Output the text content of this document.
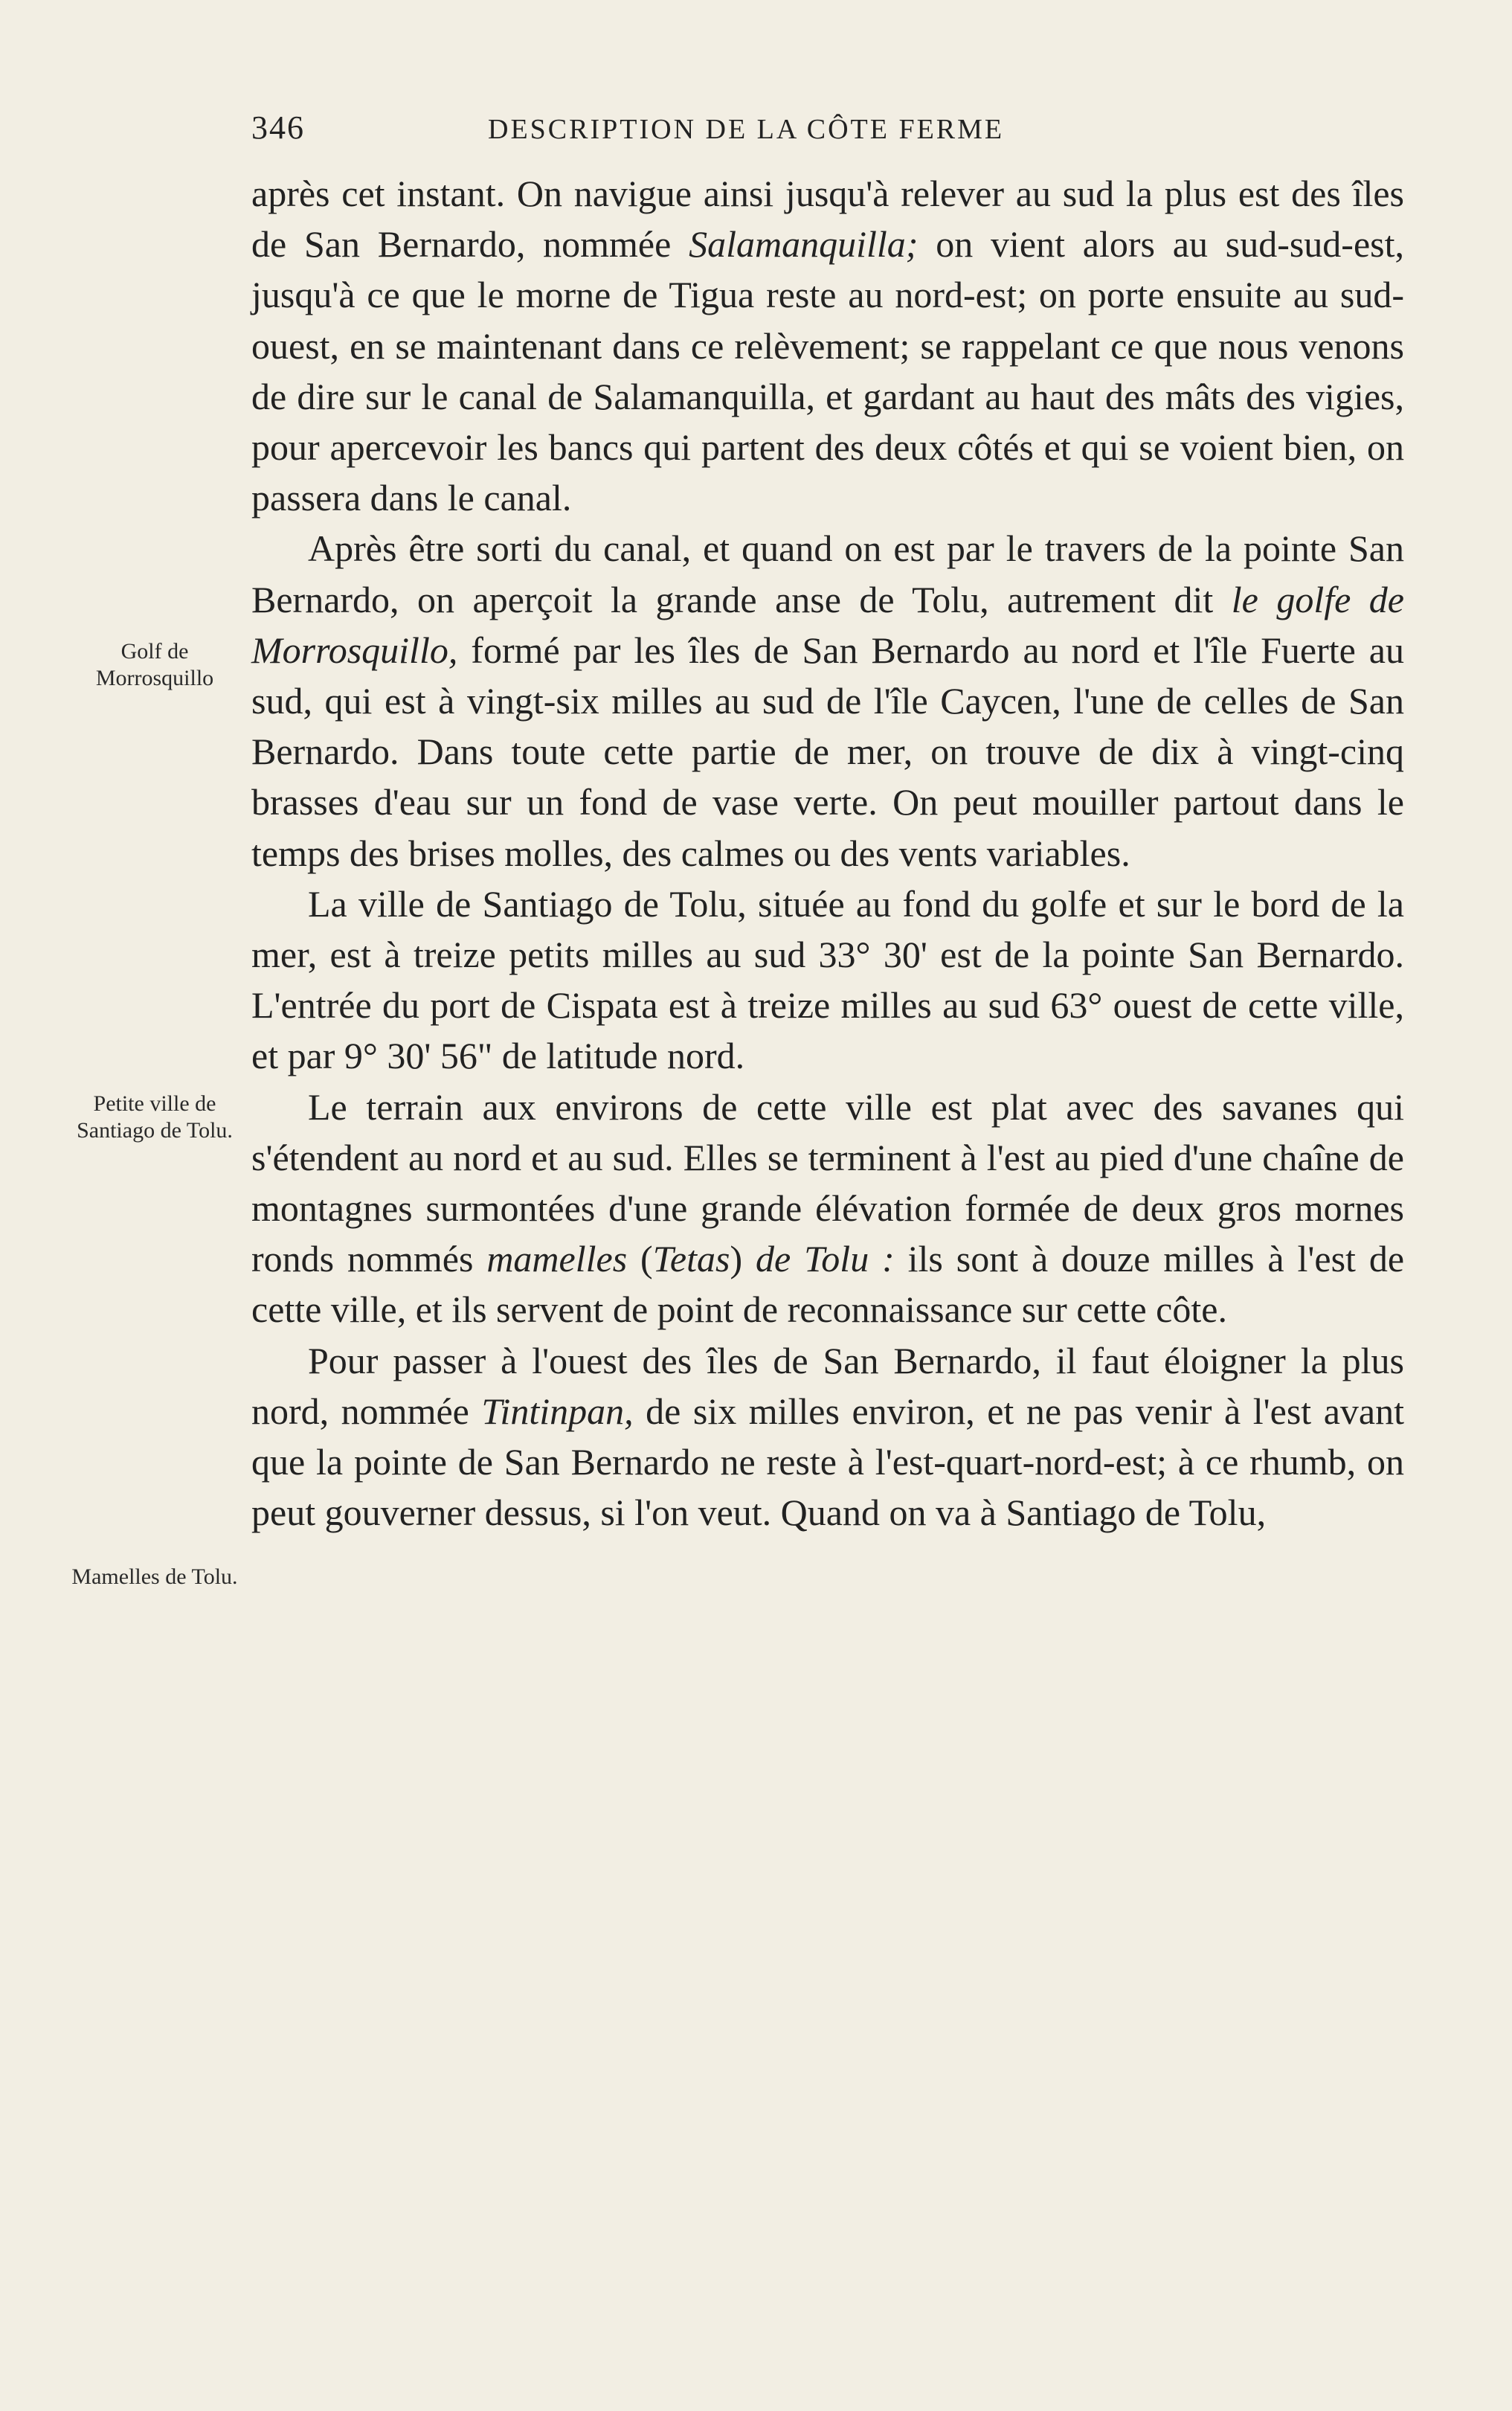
346	DESCRIPTION DE LA CÔTE FERME
Golf de Morrosquillo
Petite ville de Santiago de Tolu.
Mamelles de Tolu.

après cet instant. On navigue ainsi jusqu'à relever au sud la plus est des îles de San Bernardo, nommée Salamanquilla; on vient alors au sud-sud-est, jusqu'à ce que le morne de Tigua reste au nord-est; on porte ensuite au sud-ouest, en se maintenant dans ce relèvement; se rappelant ce que nous venons de dire sur le canal de Salamanquilla, et gardant au haut des mâts des vigies, pour apercevoir les bancs qui partent des deux côtés et qui se voient bien, on passera dans le canal.

Après être sorti du canal, et quand on est par le travers de la pointe San Bernardo, on aperçoit la grande anse de Tolu, autrement dit le golfe de Morrosquillo, formé par les îles de San Bernardo au nord et l'île Fuerte au sud, qui est à vingt-six milles au sud de l'île Caycen, l'une de celles de San Bernardo. Dans toute cette partie de mer, on trouve de dix à vingt-cinq brasses d'eau sur un fond de vase verte. On peut mouiller partout dans le temps des brises molles, des calmes ou des vents variables.

La ville de Santiago de Tolu, située au fond du golfe et sur le bord de la mer, est à treize petits milles au sud 33° 30' est de la pointe San Bernardo. L'entrée du port de Cispata est à treize milles au sud 63° ouest de cette ville, et par 9° 30' 56" de latitude nord.

Le terrain aux environs de cette ville est plat avec des savanes qui s'étendent au nord et au sud. Elles se terminent à l'est au pied d'une chaîne de montagnes surmontées d'une grande élévation formée de deux gros mornes ronds nommés mamelles (Tetas) de Tolu : ils sont à douze milles à l'est de cette ville, et ils servent de point de reconnaissance sur cette côte.

Pour passer à l'ouest des îles de San Bernardo, il faut éloigner la plus nord, nommée Tintinpan, de six milles environ, et ne pas venir à l'est avant que la pointe de San Bernardo ne reste à l'est-quart-nord-est; à ce rhumb, on peut gouverner dessus, si l'on veut. Quand on va à Santiago de Tolu,
